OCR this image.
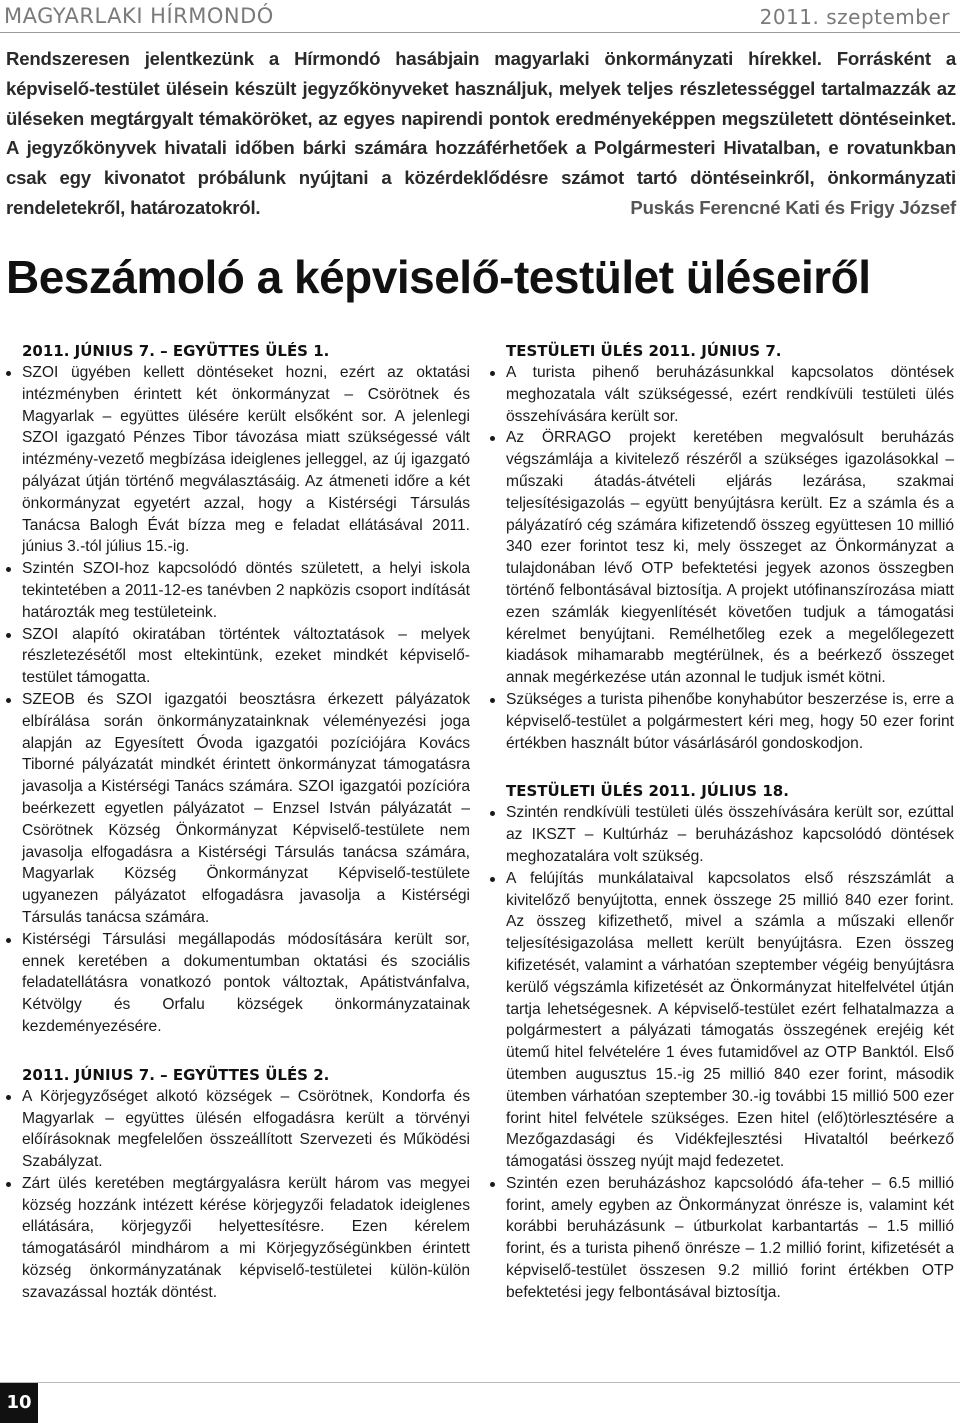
MAGYARLAKI HÍRMONDÓ	2011. szeptember
Rendszeresen jelentkezünk a Hírmondó hasábjain magyarlaki önkormányzati hírekkel. Forrásként a képviselő-testület ülésein készült jegyzőkönyveket használjuk, melyek teljes részletességgel tartalmazzák az üléseken megtárgyalt témaköröket, az egyes napirendi pontok eredményeképpen megszületett döntéseinket. A jegyzőkönyvek hivatali időben bárki számára hozzáférhetőek a Polgármesteri Hivatalban, e rovatunkban csak egy kivonatot próbálunk nyújtani a közérdeklődésre számot tartó döntéseinkről, önkormányzati rendeletekről, határozatokról.	Puskás Ferencné Kati és Frigy József
Beszámoló a képviselő-testület üléseiről
2011. JÚNIUS 7. – EGYÜTTES ÜLÉS 1.
SZOI ügyében kellett döntéseket hozni, ezért az oktatási intézményben érintett két önkormányzat – Csörötnek és Magyarlak – együttes ülésére került elsőként sor. A jelenlegi SZOI igazgató Pénzes Tibor távozása miatt szükségessé vált intézmény-vezető megbízása ideiglenes jelleggel, az új igazgató pályázat útján történő megválasztásáig. Az átmeneti időre a két önkormányzat egyetért azzal, hogy a Kistérségi Társulás Tanácsa Balogh Évát bízza meg e feladat ellátásával 2011. június 3.-tól július 15.-ig.
Szintén SZOI-hoz kapcsolódó döntés született, a helyi iskola tekintetében a 2011-12-es tanévben 2 napközis csoport indítását határozták meg testületeink.
SZOI alapító okiratában történtek változtatások – melyek részletezésétől most eltekintünk, ezeket mindkét képviselő-testület támogatta.
SZEOB és SZOI igazgatói beosztásra érkezett pályázatok elbírálása során önkormányzatainknak véleményezési joga alapján az Egyesített Óvoda igazgatói pozíciójára Kovács Tiborné pályázatát mindkét érintett önkormányzat támogatásra javasolja a Kistérségi Tanács számára. SZOI igazgatói pozícióra beérkezett egyetlen pályázatot – Enzsel István pályázatát – Csörötnek Község Önkormányzat Képviselő-testülete nem javasolja elfogadásra a Kistérségi Társulás tanácsa számára, Magyarlak Község Önkormányzat Képviselő-testülete ugyanezen pályázatot elfogadásra javasolja a Kistérségi Társulás tanácsa számára.
Kistérségi Társulási megállapodás módosítására került sor, ennek keretében a dokumentumban oktatási és szociális feladatellátásra vonatkozó pontok változtak, Apátistvánfalva, Kétvölgy és Orfalu községek önkormányzatainak kezdeményezésére.
2011. JÚNIUS 7. – EGYÜTTES ÜLÉS 2.
A Körjegyzőséget alkotó községek – Csörötnek, Kondorfa és Magyarlak – együttes ülésén elfogadásra került a törvényi előírásoknak megfelelően összeállított Szervezeti és Működési Szabályzat.
Zárt ülés keretében megtárgyalásra került három vas megyei község hozzánk intézett kérése körjegyzői feladatok ideiglenes ellátására, körjegyzői helyettesítésre. Ezen kérelem támogatásáról mindhárom a mi Körjegyzőségünkben érintett község önkormányzatának képviselő-testületei külön-külön szavazással hozták döntést.
TESTÜLETI ÜLÉS 2011. JÚNIUS 7.
A turista pihenő beruházásunkkal kapcsolatos döntések meghozatala vált szükségessé, ezért rendkívüli testületi ülés összehívására került sor.
Az ÖRRAGO projekt keretében megvalósult beruházás végszámlája a kivitelező részéről a szükséges igazolásokkal – műszaki átadás-átvételi eljárás lezárása, szakmai teljesítésigazolás – együtt benyújtásra került. Ez a számla és a pályázatíró cég számára kifizetendő összeg együttesen 10 millió 340 ezer forintot tesz ki, mely összeget az Önkormányzat a tulajdonában lévő OTP befektetési jegyek azonos összegben történő felbontásával biztosítja. A projekt utófinanszírozása miatt ezen számlák kiegyenlítését követően tudjuk a támogatási kérelmet benyújtani. Remélhetőleg ezek a megelőlegezett kiadások mihamarabb megtérülnek, és a beérkező összeget annak megérkezése után azonnal le tudjuk ismét kötni.
Szükséges a turista pihenőbe konyhabútor beszerzése is, erre a képviselő-testület a polgármestert kéri meg, hogy 50 ezer forint értékben használt bútor vásárlásáról gondoskodjon.
TESTÜLETI ÜLÉS 2011. JÚLIUS 18.
Szintén rendkívüli testületi ülés összehívására került sor, ezúttal az IKSZT – Kultúrház – beruházáshoz kapcsolódó döntések meghozatalára volt szükség.
A felújítás munkálataival kapcsolatos első részszámlát a kivitelőző benyújtotta, ennek összege 25 millió 840 ezer forint. Az összeg kifizethető, mivel a számla a műszaki ellenőr teljesítésigazolása mellett került benyújtásra. Ezen összeg kifizetését, valamint a várhatóan szeptember végéig benyújtásra kerülő végszámla kifizetését az Önkormányzat hitelfelvétel útján tartja lehetségesnek. A képviselő-testület ezért felhatalmazza a polgármestert a pályázati támogatás összegének erejéig két ütemű hitel felvételére 1 éves futamidővel az OTP Banktól. Első ütemben augusztus 15.-ig 25 millió 840 ezer forint, második ütemben várhatóan szeptember 30.-ig további 15 millió 500 ezer forint hitel felvétele szükséges. Ezen hitel (elő)törlesztésére a Mezőgazdasági és Vidékfejlesztési Hivataltól beérkező támogatási összeg nyújt majd fedezetet.
Szintén ezen beruházáshoz kapcsolódó áfa-teher – 6.5 millió forint, amely egyben az Önkormányzat önrésze is, valamint két korábbi beruházásunk – útburkolat karbantartás – 1.5 millió forint, és a turista pihenő önrésze – 1.2 millió forint, kifizetését a képviselő-testület összesen 9.2 millió forint értékben OTP befektetési jegy felbontásával biztosítja.
10
